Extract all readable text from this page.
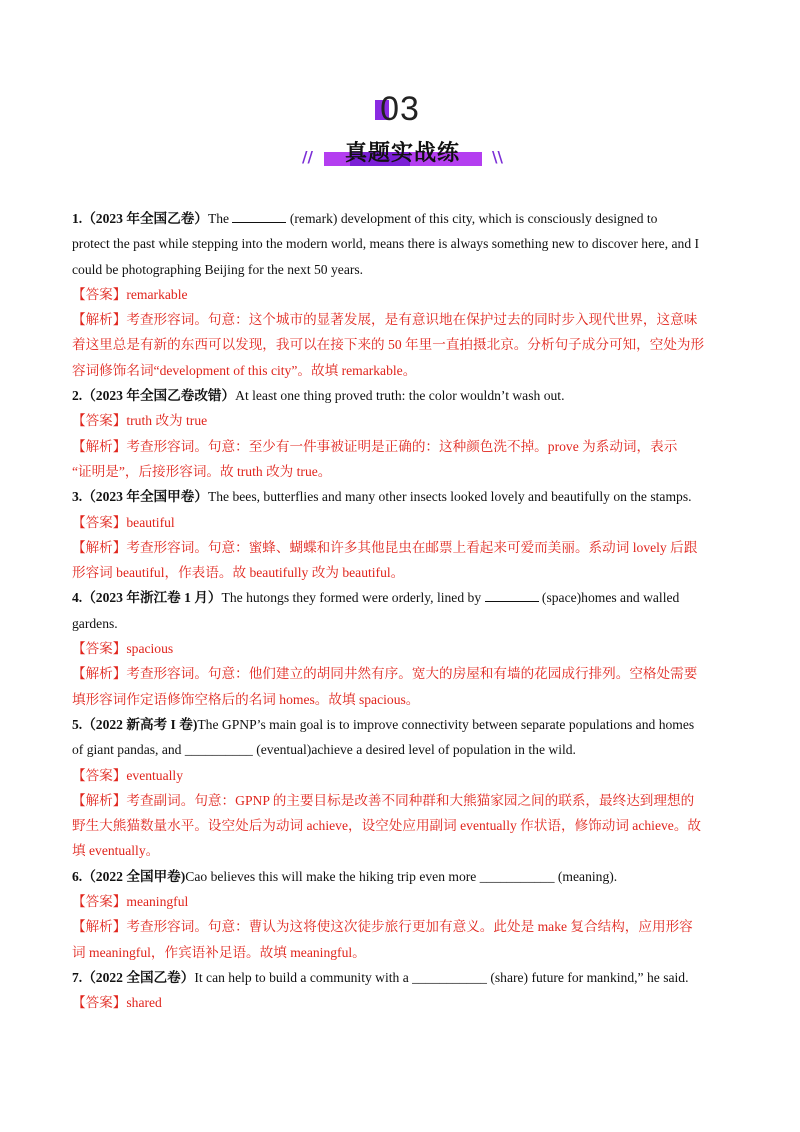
03
//	真题实战练	\\
1.（2023 年全国乙卷）The	(remark) development of this city, which is consciously designed to
protect the past while stepping into the modern world, means there is always something new to discover here, and I
could be photographing Beijing for the next 50 years.
【答案】remarkable
【解析】考查形容词。句意：这个城市的显著发展，是有意识地在保护过去的同时步入现代世界，这意味
着这里总是有新的东西可以发现，我可以在接下来的 50 年里一直拍摄北京。分析句子成分可知，空处为形
容词修饰名词“development of this city”。故填 remarkable。
2.（2023 年全国乙卷改错）At least one thing proved truth: the color wouldn’t wash out.
【答案】truth 改为 true
【解析】考查形容词。句意：至少有一件事被证明是正确的：这种颜色洗不掉。prove 为系动词，表示
“证明是”，后接形容词。故 truth 改为 true。
3.（2023 年全国甲卷）The bees, butterflies and many other insects looked lovely and beautifully on the stamps.
【答案】beautiful
【解析】考查形容词。句意：蜜蜂、蝴蝶和许多其他昆虫在邮票上看起来可爱而美丽。系动词 lovely 后跟
形容词 beautiful，作表语。故 beautifully 改为 beautiful。
4.（2023 年浙江卷 1 月）The hutongs they formed were orderly, lined by	(space)homes and walled
gardens.
【答案】spacious
【解析】考查形容词。句意：他们建立的胡同井然有序。宽大的房屋和有墙的花园成行排列。空格处需要
填形容词作定语修饰空格后的名词 homes。故填 spacious。
5.（2022 新高考 I 卷)The GPNP’s main goal is to improve connectivity between separate populations and homes
of giant pandas, and __________ (eventual)achieve a desired level of population in the wild.
【答案】eventually
【解析】考查副词。句意：GPNP 的主要目标是改善不同种群和大熊猫家园之间的联系，最终达到理想的
野生大熊猫数量水平。设空处后为动词 achieve，设空处应用副词 eventually 作状语，修饰动词 achieve。故
填 eventually。
6.（2022 全国甲卷)Cao believes this will make the hiking trip even more ___________ (meaning).
【答案】meaningful
【解析】考查形容词。句意：曹认为这将使这次徒步旅行更加有意义。此处是 make 复合结构，应用形容
词 meaningful，作宾语补足语。故填 meaningful。
7.（2022 全国乙卷）It can help to build a community with a ___________ (share) future for mankind,” he said.
【答案】shared
